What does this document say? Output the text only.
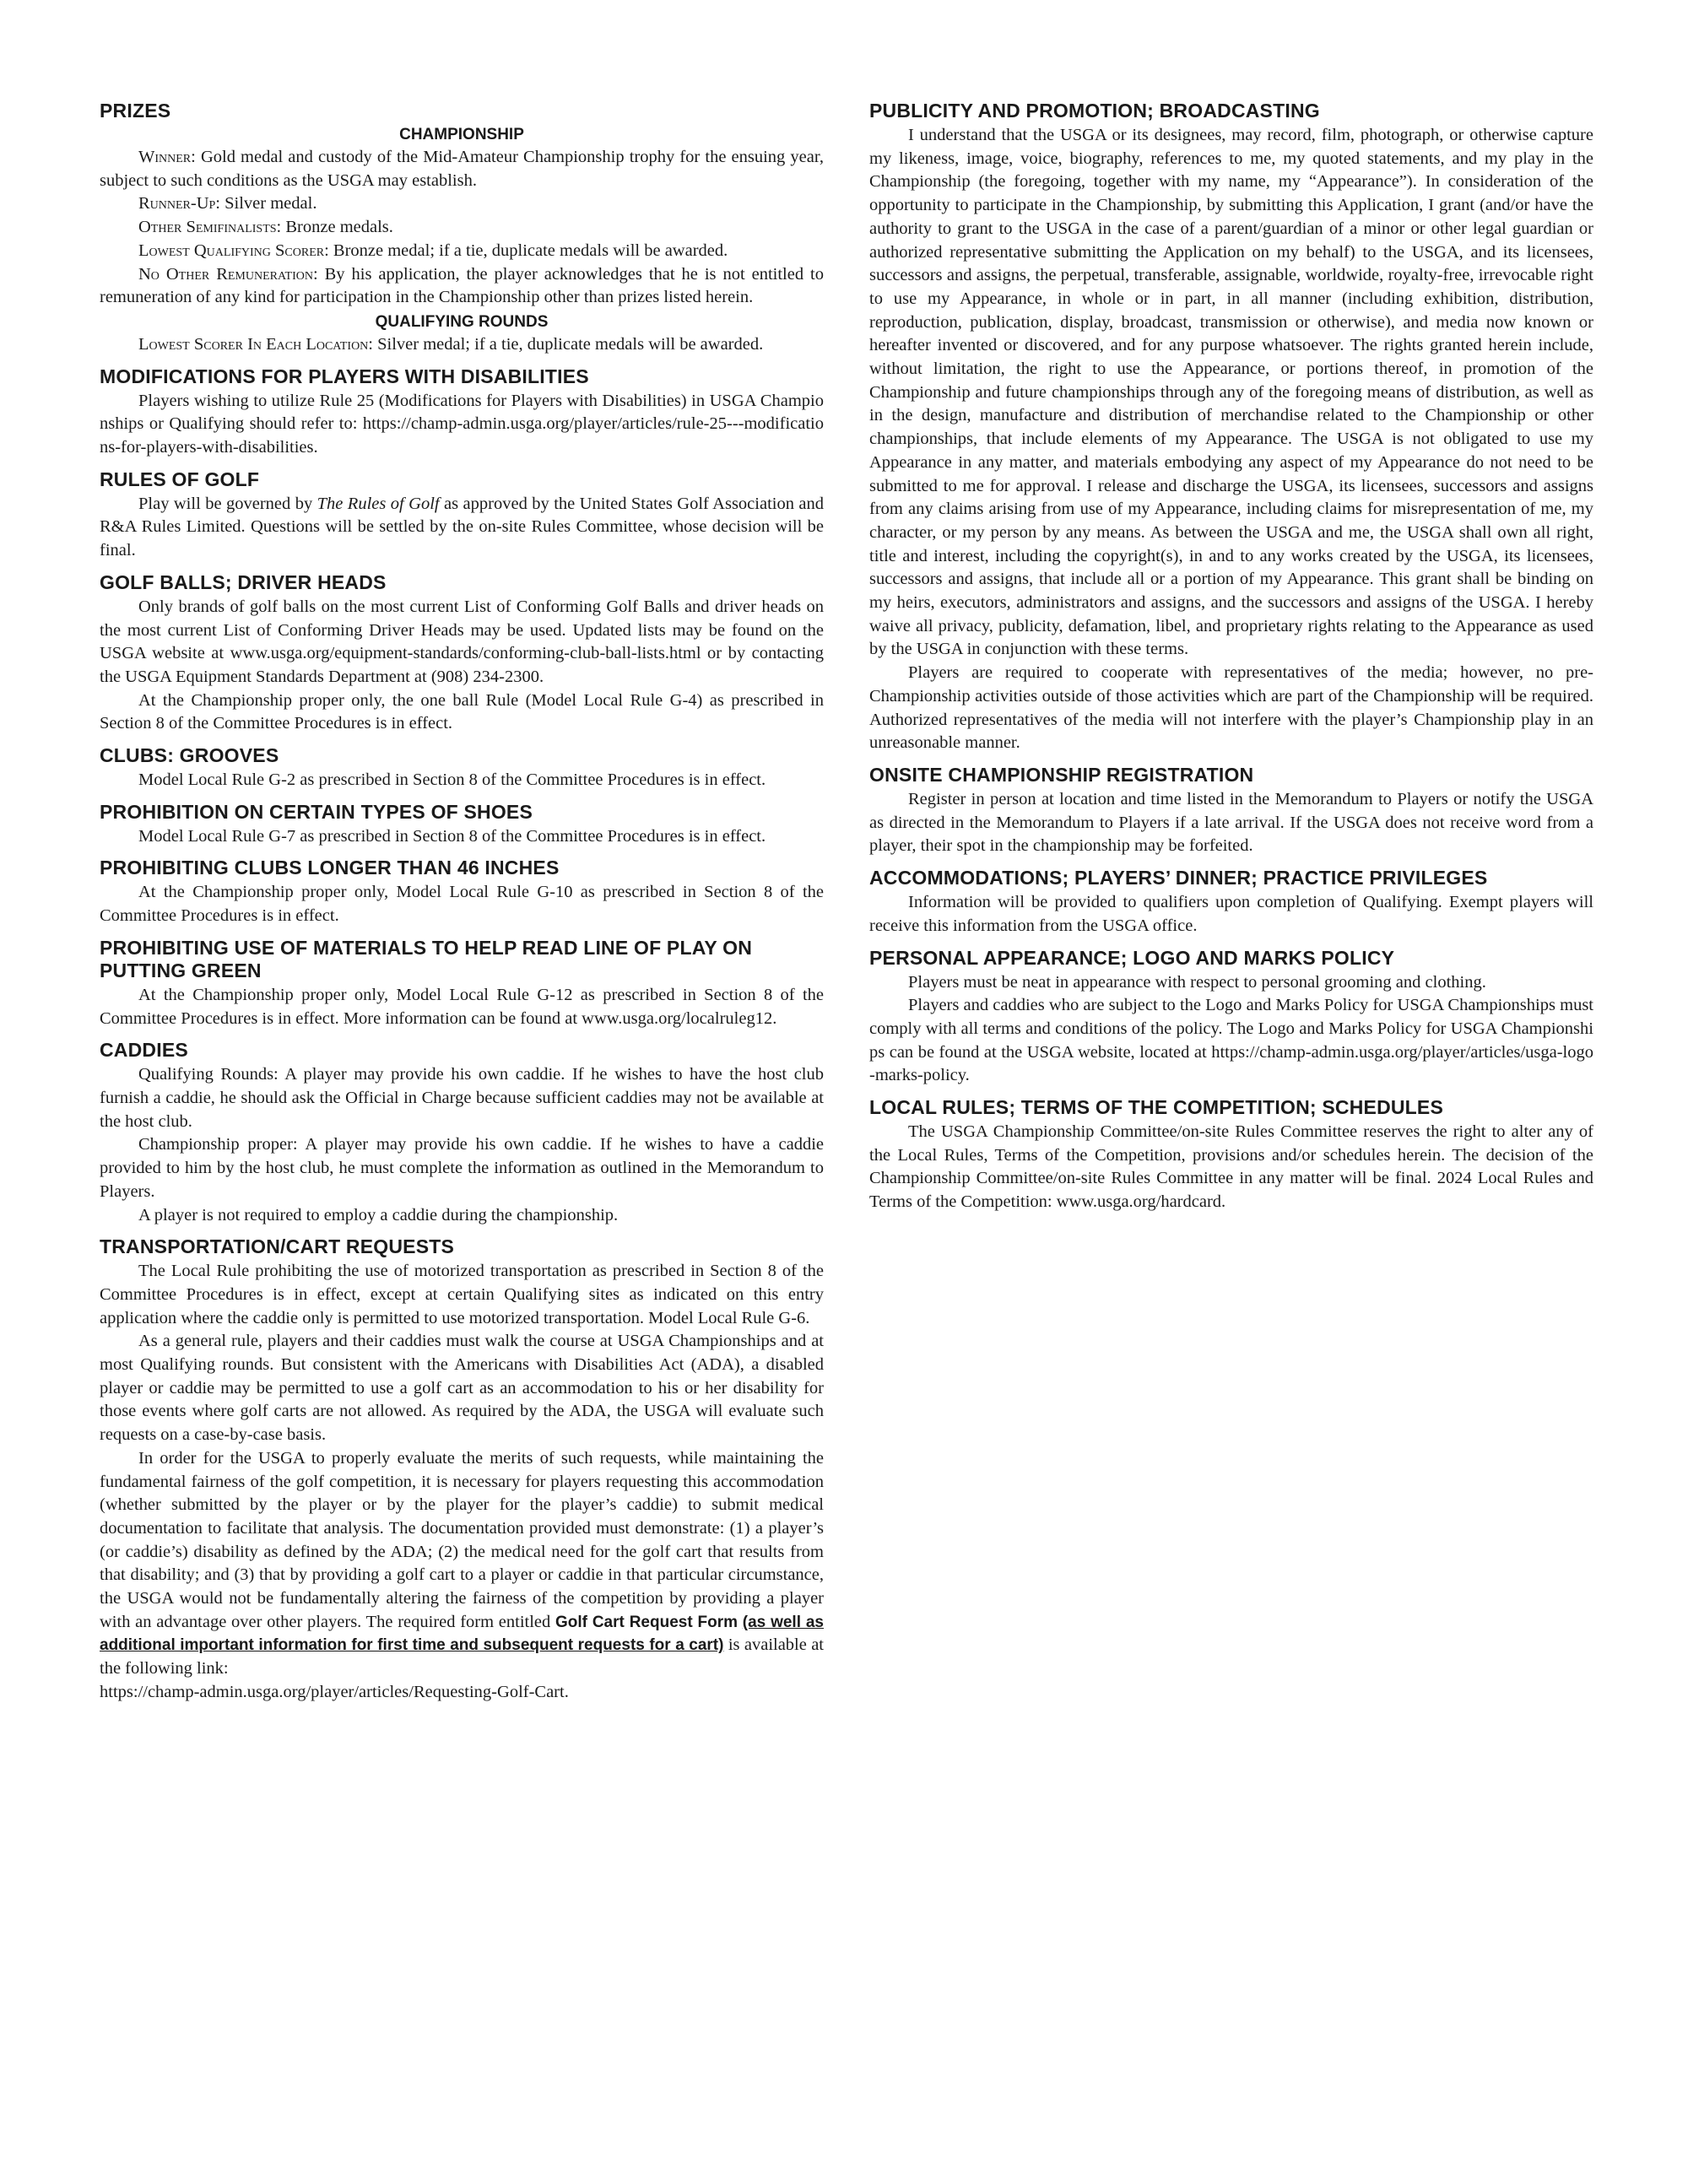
PRIZES
CHAMPIONSHIP

Winner: Gold medal and custody of the Mid-Amateur Championship trophy for the ensuing year, subject to such conditions as the USGA may establish.

Runner-Up: Silver medal.

Other Semifinalists: Bronze medals.

Lowest Qualifying Scorer: Bronze medal; if a tie, duplicate medals will be awarded.

No Other Remuneration: By his application, the player acknowledges that he is not entitled to remuneration of any kind for participation in the Championship other than prizes listed herein.

QUALIFYING ROUNDS

Lowest Scorer In Each Location: Silver medal; if a tie, duplicate medals will be awarded.

MODIFICATIONS FOR PLAYERS WITH DISABILITIES

Players wishing to utilize Rule 25 (Modifications for Players with Disabilities) in USGA Championships or Qualifying should refer to: https://champ-admin.usga.org/player/articles/rule-25---modifications-for-players-with-disabilities.

RULES OF GOLF

Play will be governed by The Rules of Golf as approved by the United States Golf Association and R&A Rules Limited. Questions will be settled by the on-site Rules Committee, whose decision will be final.

GOLF BALLS; DRIVER HEADS

Only brands of golf balls on the most current List of Conforming Golf Balls and driver heads on the most current List of Conforming Driver Heads may be used. Updated lists may be found on the USGA website at www.usga.org/equipment-standards/conforming-club-ball-lists.html or by contacting the USGA Equipment Standards Department at (908) 234-2300.

At the Championship proper only, the one ball Rule (Model Local Rule G-4) as prescribed in Section 8 of the Committee Procedures is in effect.

CLUBS: GROOVES

Model Local Rule G-2 as prescribed in Section 8 of the Committee Procedures is in effect.

PROHIBITION ON CERTAIN TYPES OF SHOES

Model Local Rule G-7 as prescribed in Section 8 of the Committee Procedures is in effect.

PROHIBITING CLUBS LONGER THAN 46 INCHES

At the Championship proper only, Model Local Rule G-10 as prescribed in Section 8 of the Committee Procedures is in effect.

PROHIBITING USE OF MATERIALS TO HELP READ LINE OF PLAY ON PUTTING GREEN

At the Championship proper only, Model Local Rule G-12 as prescribed in Section 8 of the Committee Procedures is in effect. More information can be found at www.usga.org/localruleg12.

CADDIES

Qualifying Rounds: A player may provide his own caddie. If he wishes to have the host club furnish a caddie, he should ask the Official in Charge because sufficient caddies may not be available at the host club.

Championship proper: A player may provide his own caddie. If he wishes to have a caddie provided to him by the host club, he must complete the information as outlined in the Memorandum to Players.

A player is not required to employ a caddie during the championship.

TRANSPORTATION/CART REQUESTS

The Local Rule prohibiting the use of motorized transportation as prescribed in Section 8 of the Committee Procedures is in effect, except at certain Qualifying sites as indicated on this entry application where the caddie only is permitted to use motorized transportation. Model Local Rule G-6.

As a general rule, players and their caddies must walk the course at USGA Championships and at most Qualifying rounds. But consistent with the Americans with Disabilities Act (ADA), a disabled player or caddie may be permitted to use a golf cart as an accommodation to his or her disability for those events where golf carts are not allowed. As required by the ADA, the USGA will evaluate such requests on a case-by-case basis.

In order for the USGA to properly evaluate the merits of such requests, while maintaining the fundamental fairness of the golf competition, it is necessary for players requesting this accommodation (whether submitted by the player or by the player for the player’s caddie) to submit medical documentation to facilitate that analysis. The documentation provided must demonstrate: (1) a player’s (or caddie’s) disability as defined by the ADA; (2) the medical need for the golf cart that results from that disability; and (3) that by providing a golf cart to a player or caddie in that particular circumstance, the USGA would not be fundamentally altering the fairness of the competition by providing a player with an advantage over other players. The required form entitled Golf Cart Request Form (as well as additional important information for first time and subsequent requests for a cart) is available at the following link:

https://champ-admin.usga.org/player/articles/Requesting-Golf-Cart.

PUBLICITY AND PROMOTION; BROADCASTING

I understand that the USGA or its designees, may record, film, photograph, or otherwise capture my likeness, image, voice, biography, references to me, my quoted statements, and my play in the Championship (the foregoing, together with my name, my “Appearance”). In consideration of the opportunity to participate in the Championship, by submitting this Application, I grant (and/or have the authority to grant to the USGA in the case of a parent/guardian of a minor or other legal guardian or authorized representative submitting the Application on my behalf) to the USGA, and its licensees, successors and assigns, the perpetual, transferable, assignable, worldwide, royalty-free, irrevocable right to use my Appearance, in whole or in part, in all manner (including exhibition, distribution, reproduction, publication, display, broadcast, transmission or otherwise), and media now known or hereafter invented or discovered, and for any purpose whatsoever. The rights granted herein include, without limitation, the right to use the Appearance, or portions thereof, in promotion of the Championship and future championships through any of the foregoing means of distribution, as well as in the design, manufacture and distribution of merchandise related to the Championship or other championships, that include elements of my Appearance. The USGA is not obligated to use my Appearance in any matter, and materials embodying any aspect of my Appearance do not need to be submitted to me for approval. I release and discharge the USGA, its licensees, successors and assigns from any claims arising from use of my Appearance, including claims for misrepresentation of me, my character, or my person by any means. As between the USGA and me, the USGA shall own all right, title and interest, including the copyright(s), in and to any works created by the USGA, its licensees, successors and assigns, that include all or a portion of my Appearance. This grant shall be binding on my heirs, executors, administrators and assigns, and the successors and assigns of the USGA. I hereby waive all privacy, publicity, defamation, libel, and proprietary rights relating to the Appearance as used by the USGA in conjunction with these terms.

Players are required to cooperate with representatives of the media; however, no pre-Championship activities outside of those activities which are part of the Championship will be required. Authorized representatives of the media will not interfere with the player’s Championship play in an unreasonable manner.

ONSITE CHAMPIONSHIP REGISTRATION

Register in person at location and time listed in the Memorandum to Players or notify the USGA as directed in the Memorandum to Players if a late arrival. If the USGA does not receive word from a player, their spot in the championship may be forfeited.

ACCOMMODATIONS; PLAYERS’ DINNER; PRACTICE PRIVILEGES

Information will be provided to qualifiers upon completion of Qualifying. Exempt players will receive this information from the USGA office.

PERSONAL APPEARANCE; LOGO AND MARKS POLICY

Players must be neat in appearance with respect to personal grooming and clothing.

Players and caddies who are subject to the Logo and Marks Policy for USGA Championships must comply with all terms and conditions of the policy. The Logo and Marks Policy for USGA Championships can be found at the USGA website, located at https://champ-admin.usga.org/player/articles/usga-logo-marks-policy.

LOCAL RULES; TERMS OF THE COMPETITION; SCHEDULES

The USGA Championship Committee/on-site Rules Committee reserves the right to alter any of the Local Rules, Terms of the Competition, provisions and/or schedules herein. The decision of the Championship Committee/on-site Rules Committee in any matter will be final. 2024 Local Rules and Terms of the Competition: www.usga.org/hardcard.
